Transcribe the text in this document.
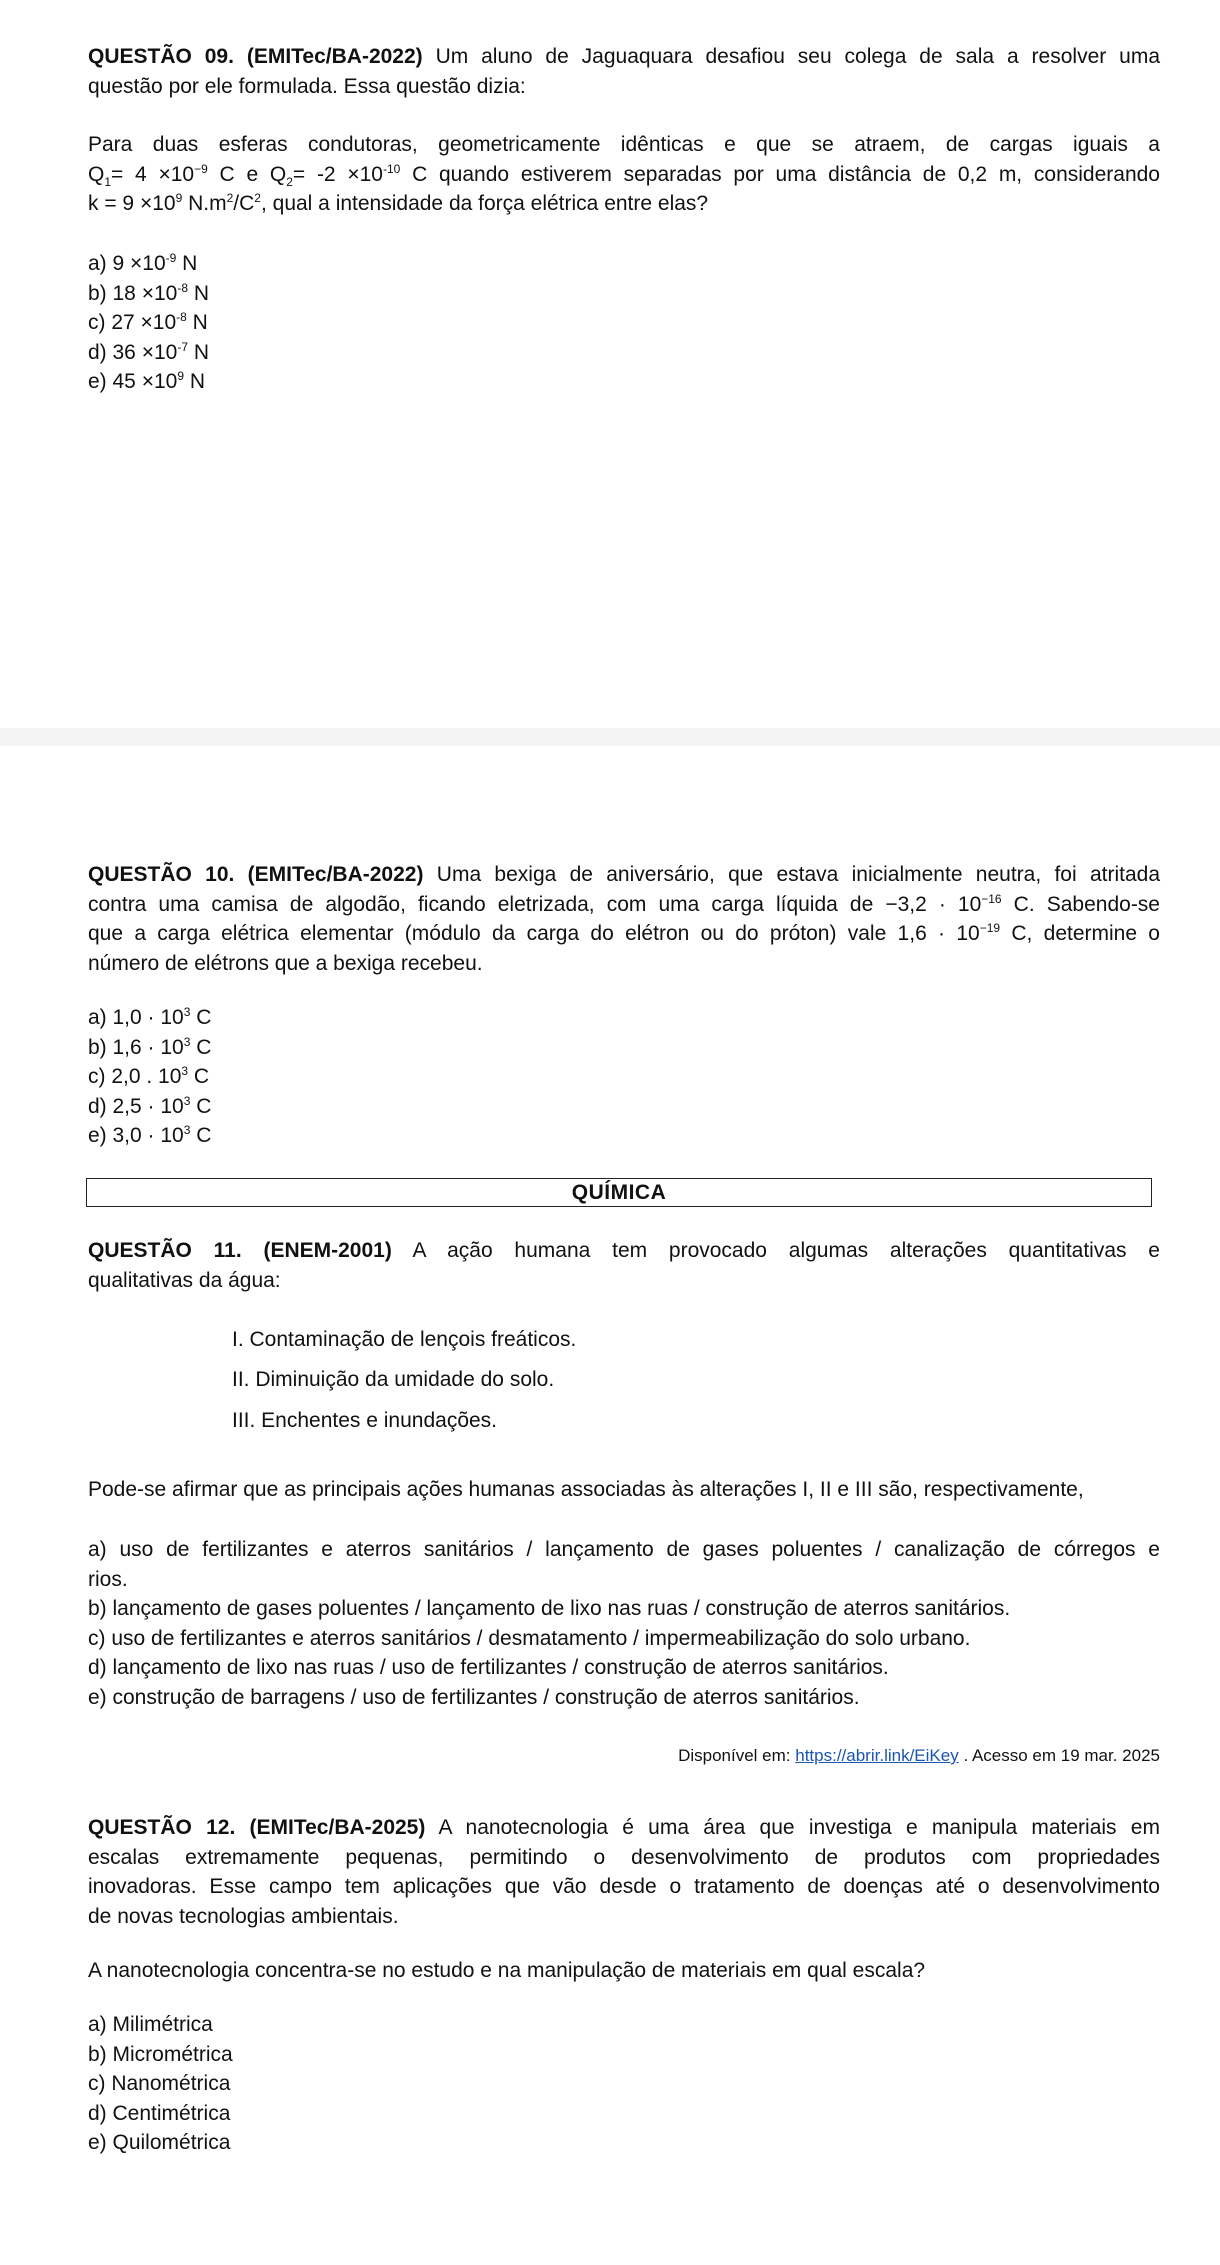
QUESTÃO 09. (EMITec/BA-2022) Um aluno de Jaguaquara desafiou seu colega de sala a resolver uma
questão por ele formulada. Essa questão dizia:
Para duas esferas condutoras, geometricamente idênticas e que se atraem, de cargas iguais a
$Q_1= 4 \times 10^{-9}$ C e $Q_2= -2 \times 10^{-10}$ C quando estiverem separadas por uma distância de 0,2 m, considerando
$k = 9 \times 10^9$ $N.m^2/C^2$, qual a intensidade da força elétrica entre elas?
a) $9 \times 10^{-9}$ N
b) $18 \times 10^{-8}$ N
c) $27 \times 10^{-8}$ N
d) $36 \times 10^{-7}$ N
e) $45 \times 10^9$ N
QUESTÃO 10. (EMITec/BA-2022) Uma bexiga de aniversário, que estava inicialmente neutra, foi atritada
contra uma camisa de algodão, ficando eletrizada, com uma carga líquida de $-3,2 \cdot 10^{-16}$ C. Sabendo-se
que a carga elétrica elementar (módulo da carga do elétron ou do próton) vale $1,6 \cdot 10^{-19}$ C, determine o
número de elétrons que a bexiga recebeu.
a) $1,0 \cdot 10^3$ C
b) $1,6 \cdot 10^3$ C
c) 2,0 . $10^3$ C
d) $2,5 \cdot 10^3$ C
e) $3,0 \cdot 10^3$ C
QUÍMICA
QUESTÃO 11. (ENEM-2001) A ação humana tem provocado algumas alterações quantitativas e
qualitativas da água:
I. Contaminação de lençois freáticos.
II. Diminuição da umidade do solo.
III. Enchentes e inundações.
Pode-se afirmar que as principais ações humanas associadas às alterações I, II e III são, respectivamente,
a) uso de fertilizantes e aterros sanitários / lançamento de gases poluentes / canalização de córregos e
rios.
b) lançamento de gases poluentes / lançamento de lixo nas ruas / construção de aterros sanitários.
c) uso de fertilizantes e aterros sanitários / desmatamento / impermeabilização do solo urbano.
d) lançamento de lixo nas ruas / uso de fertilizantes / construção de aterros sanitários.
e) construção de barragens / uso de fertilizantes / construção de aterros sanitários.
Disponível em: https://abrir.link/EiKey . Acesso em 19 mar. 2025
QUESTÃO 12. (EMITec/BA-2025) A nanotecnologia é uma área que investiga e manipula materiais em
escalas extremamente pequenas, permitindo o desenvolvimento de produtos com propriedades
inovadoras. Esse campo tem aplicações que vão desde o tratamento de doenças até o desenvolvimento
de novas tecnologias ambientais.
A nanotecnologia concentra-se no estudo e na manipulação de materiais em qual escala?
a) Milimétrica
b) Micrométrica
c) Nanométrica
d) Centimétrica
e) Quilométrica
